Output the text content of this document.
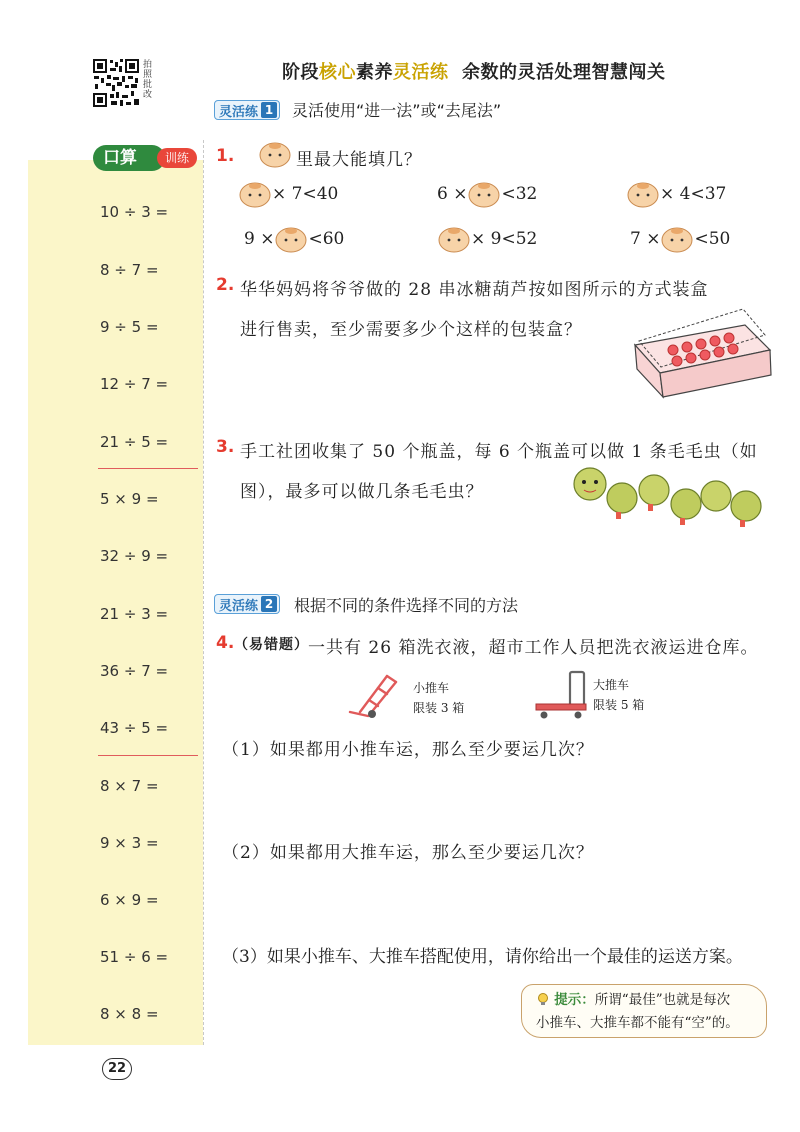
拍
照
批
改
阶段核心素养灵活练  余数的灵活处理智慧闯关
灵活练 1 灵活使用“进一法”或“去尾法”
口算	训练
10 ÷ 3 =
8 ÷ 7 =
9 ÷ 5 =
12 ÷ 7 =
21 ÷ 5 =
5 × 9 =
32 ÷ 9 =
21 ÷ 3 =
36 ÷ 7 =
43 ÷ 5 =
8 × 7 =
9 × 3 =
6 × 9 =
51 ÷ 6 =
8 × 8 =
1.	里最大能填几？
× 7<40	6 × <32	× 4<37
9 × <60	× 9<52	7 × <50
2. 华华妈妈将爷爷做的 28 串冰糖葫芦按如图所示的方式装盒
进行售卖，至少需要多少个这样的包装盒？
3. 手工社团收集了 50 个瓶盖，每 6 个瓶盖可以做 1 条毛毛虫（如
图），最多可以做几条毛毛虫？
灵活练 2 根据不同的条件选择不同的方法
4. （易错题） 一共有 26 箱洗衣液，超市工作人员把洗衣液运进仓库。
小推车
限装 3 箱
大推车
限装 5 箱
（1）如果都用小推车运，那么至少要运几次？
（2）如果都用大推车运，那么至少要运几次？
（3）如果小推车、大推车搭配使用，请你给出一个最佳的运送方案。
提示：所谓“最佳”也就是每次
小推车、大推车都不能有“空”的。
22
